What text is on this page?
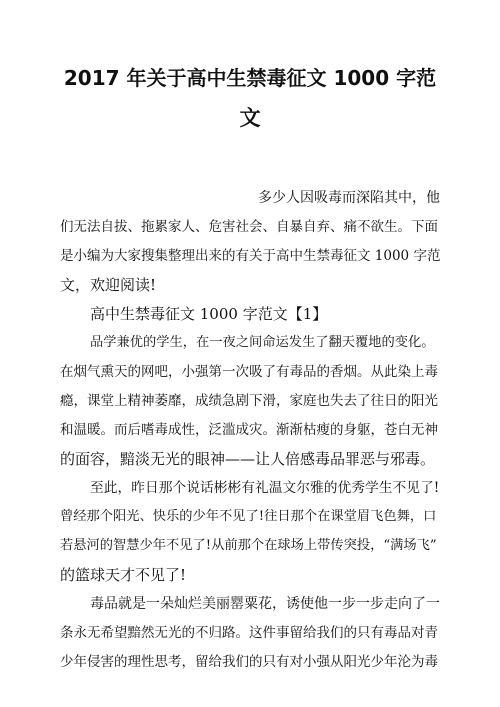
2017 年关于高中生禁毒征文 1000 字范
文

多少人因吸毒而深陷其中，他

们无法自拔、拖累家人、危害社会、自暴自弃、痛不欲生。下面

是小编为大家搜集整理出来的有关于高中生禁毒征文 1000 字范

文，欢迎阅读!

高中生禁毒征文 1000 字范文【1】

品学兼优的学生，在一夜之间命运发生了翻天覆地的变化。

在烟气熏天的网吧，小强第一次吸了有毒品的香烟。从此染上毒

瘾，课堂上精神萎靡，成绩急剧下滑，家庭也失去了往日的阳光

和温暖。而后嗜毒成性，泛滥成灾。渐渐枯瘦的身躯，苍白无神

的面容，黯淡无光的眼神——让人倍感毒品罪恶与邪毒。

至此，昨日那个说话彬彬有礼温文尔雅的优秀学生不见了!

曾经那个阳光、快乐的少年不见了!往日那个在课堂眉飞色舞，口

若悬河的智慧少年不见了!从前那个在球场上带传突投，“满场飞”

的篮球天才不见了!

毒品就是一朵灿烂美丽罂粟花，诱使他一步一步走向了一

条永无希望黯然无光的不归路。这件事留给我们的只有毒品对青

少年侵害的理性思考，留给我们的只有对小强从阳光少年沦为毒
